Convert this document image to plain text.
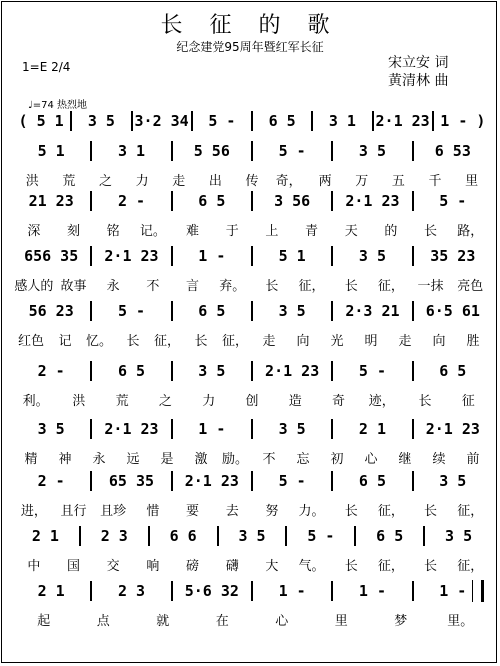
长 征 的 歌
纪念建党95周年暨红军长征
1=E 2/4	宋立安 词
黄清林 曲
♩=74 热烈地
( 5 1	3 5	3·2 34	5 -	6 5	3 1	2·1 23 1 - )
5 1	3 1	5 56	5 -	3 5	6 53
洪	荒	之	力	走	出	传	奇，	两	万	五	千	里
21 23	2 -	6 5	3 56	2·1 23	5 -
深	刻	铭	记。	难	于	上	青	天	的	长	路，
656 35	2·1 23	1 -	5 1	3 5	35 23
感人的 故事	永	不	言	弃。	长	征，	长	征，	一抹	亮色
56 23	5 -	6 5	3 5	2·3 21	6·5 61
红色	记	忆。	长	征，	长	征，	走	向	光	明	走	向	胜
2 -	6 5	3 5	2·1 23	5 -	6 5
利。	洪	荒	之	力	创	造	奇	迹，	长	征
3 5	2·1 23	1 -	3 5	2 1	2·1 23
精	神	永	远	是	激	励。	不	忘	初	心	继	续	前
2 -	65 35	2·1 23	5 -	6 5	3 5
进，	且行	且珍	惜	要	去	努	力。	长	征，	长	征，
2 1	2 3	6 6	3 5	5 -	6 5	3 5
中	国	交	响	磅	礴	大	气。	长	征，	长	征，
2 1	2 3	5·6 32	1 -	1 -	1 -
起	点	就	在	心	里	梦	里。
